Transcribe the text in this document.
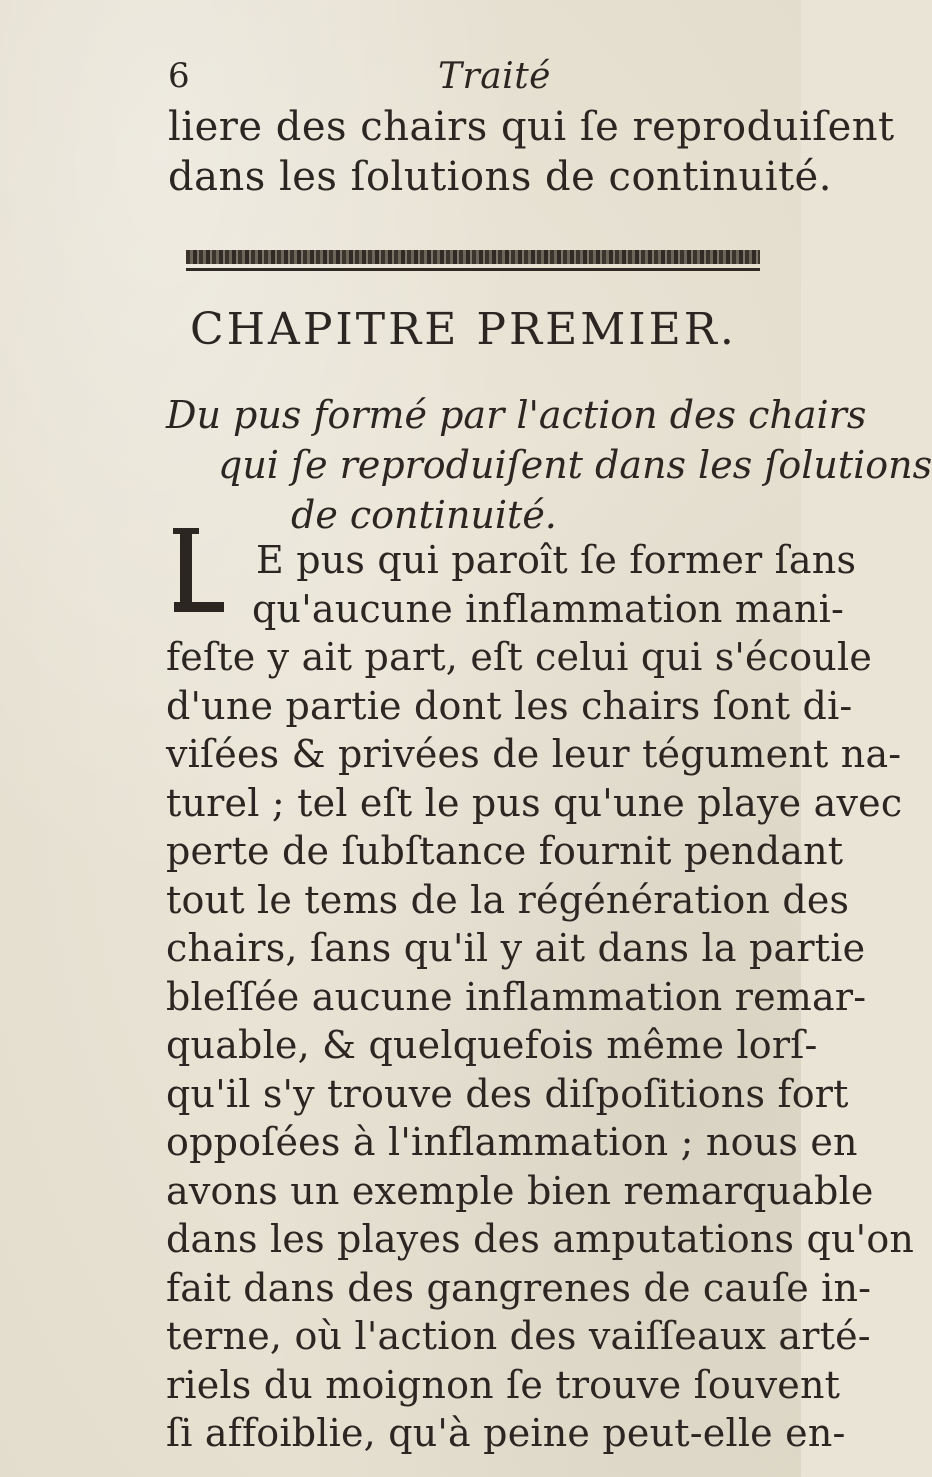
6	Traité
liere des chairs qui ſe reproduiſent
dans les ſolutions de continuité.
CHAPITRE PREMIER.
Du pus formé par l'action des chairs
qui ſe reproduiſent dans les ſolutions
de continuité.
E pus qui paroît ſe former ſans
qu'aucune inflammation mani-
feſte y ait part, eſt celui qui s'écoule
d'une partie dont les chairs ſont di-
viſées & privées de leur tégument na-
turel ; tel eſt le pus qu'une playe avec
perte de ſubſtance fournit pendant
tout le tems de la régénération des
chairs, ſans qu'il y ait dans la partie
bleſſée aucune inflammation remar-
quable, & quelquefois même lorſ-
qu'il s'y trouve des diſpoſitions fort
oppoſées à l'inflammation ; nous en
avons un exemple bien remarquable
dans les playes des amputations qu'on
fait dans des gangrenes de cauſe in-
terne, où l'action des vaiſſeaux arté-
riels du moignon ſe trouve ſouvent
ſi affoiblie, qu'à peine peut-elle en-
